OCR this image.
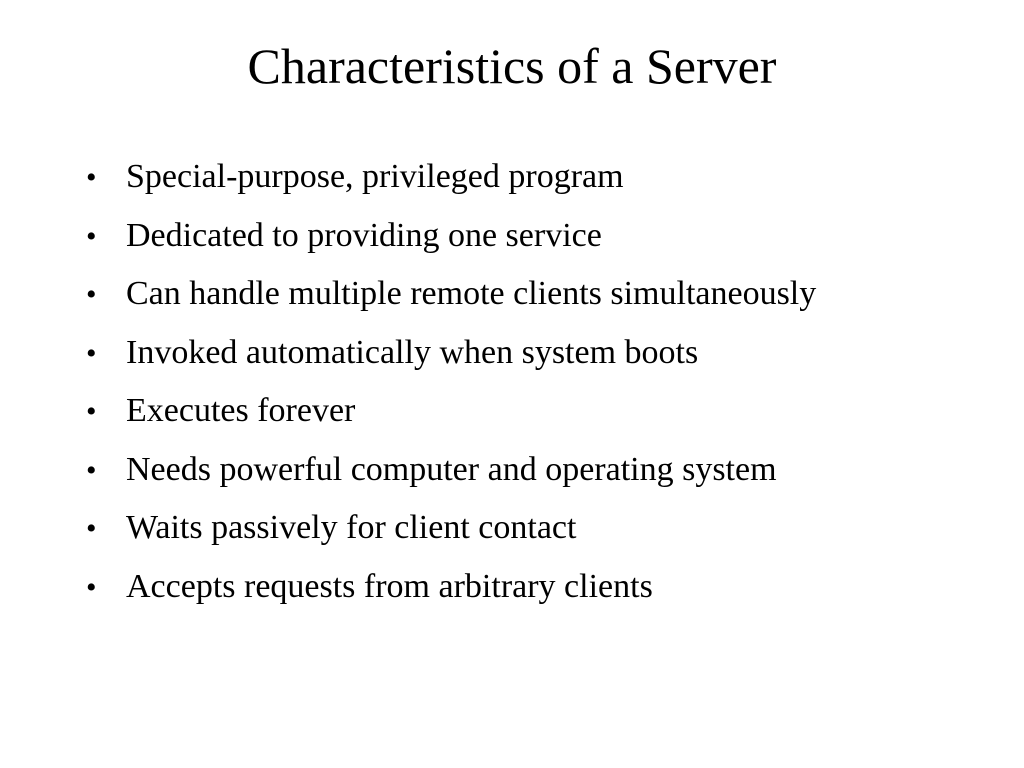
Characteristics of a Server
• Special-purpose, privileged program
• Dedicated to providing one service
• Can handle multiple remote clients simultaneously
• Invoked automatically when system boots
• Executes forever
• Needs powerful computer and operating system
• Waits passively for client contact
• Accepts requests from arbitrary clients
